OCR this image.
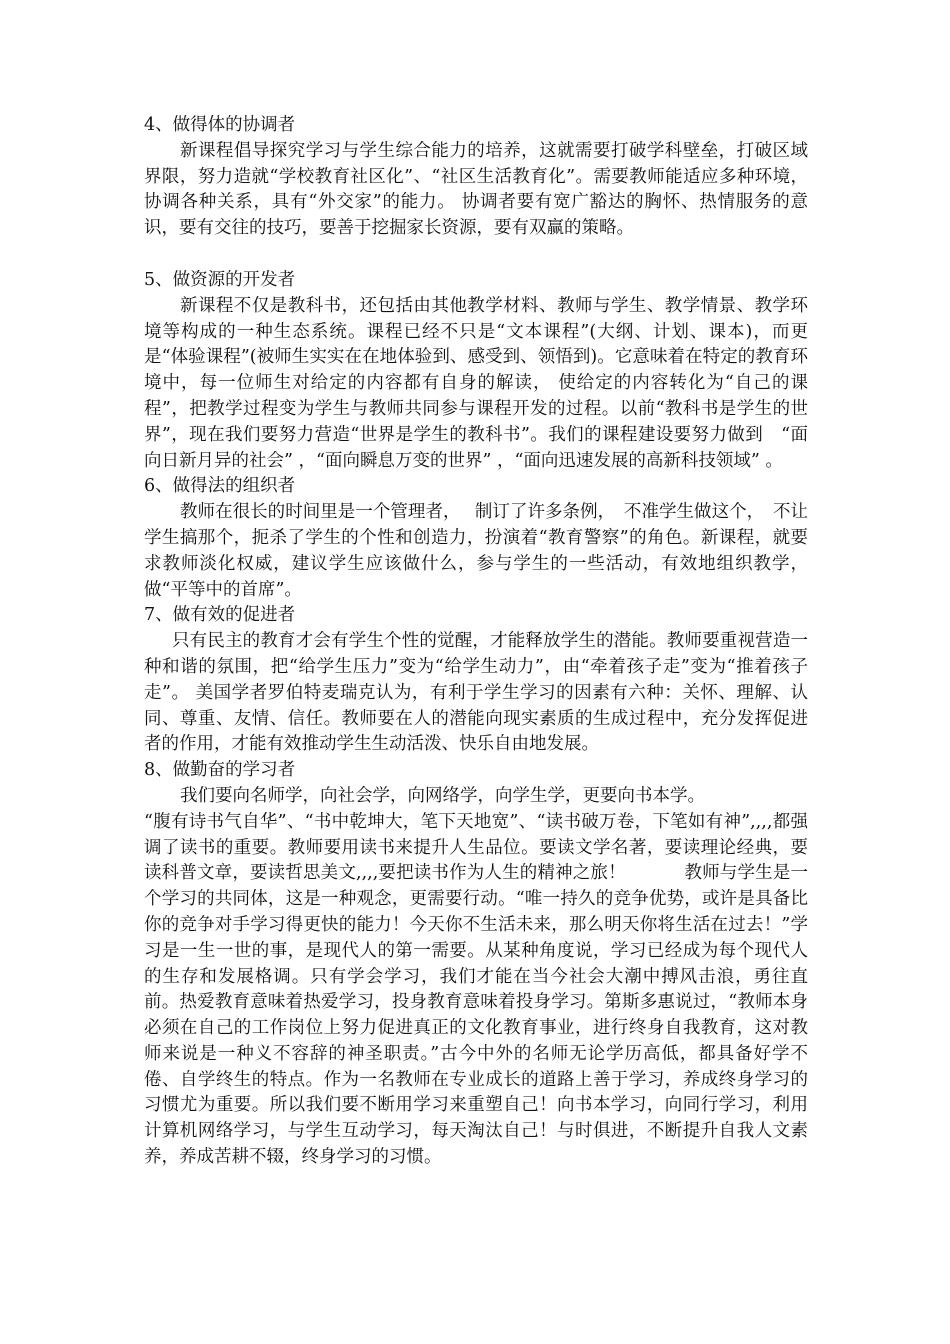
4、做得体的协调者

新课程倡导探究学习与学生综合能力的培养，这就需要打破学科壁垒，打破区域界限，努力造就“学校教育社区化”、“社区生活教育化”。需要教师能适应多种环境，协调各种关系，具有“外交家”的能力。 协调者要有宽广豁达的胸怀、热情服务的意识，要有交往的技巧，要善于挖掘家长资源，要有双赢的策略。

5、做资源的开发者

新课程不仅是教科书，还包括由其他教学材料、教师与学生、教学情景、教学环境等构成的一种生态系统。课程已经不只是“文本课程”(大纲、计划、课本)，而更是“体验课程”(被师生实实在在地体验到、感受到、领悟到)。它意味着在特定的教育环境中，每一位师生对给定的内容都有自身的解读， 使给定的内容转化为“自己的课程”，把教学过程变为学生与教师共同参与课程开发的过程。以前“教科书是学生的世界”，现在我们要努力营造“世界是学生的教科书”。我们的课程建设要努力做到　“面向日新月异的社会” ，“面向瞬息万变的世界” ，“面向迅速发展的高新科技领域” 。

6、做得法的组织者

教师在很长的时间里是一个管理者，　 制订了许多条例，　不准学生做这个，　不让学生搞那个，扼杀了学生的个性和创造力，扮演着“教育警察”的角色。新课程，就要求教师淡化权威，建议学生应该做什么，参与学生的一些活动，有效地组织教学，做“平等中的首席”。

7、做有效的促进者

只有民主的教育才会有学生个性的觉醒，才能释放学生的潜能。教师要重视营造一种和谐的氛围，把“给学生压力”变为“给学生动力”，由“牵着孩子走”变为“推着孩子走”。 美国学者罗伯特麦瑞克认为，有利于学生学习的因素有六种：关怀、理解、认同、尊重、友情、信任。教师要在人的潜能向现实素质的生成过程中，充分发挥促进者的作用，才能有效推动学生生动活泼、快乐自由地发展。

8、做勤奋的学习者

我们要向名师学，向社会学，向网络学，向学生学，更要向书本学。

“腹有诗书气自华”、“书中乾坤大，笔下天地宽”、“读书破万卷，下笔如有神”,,,,都强调了读书的重要。教师要用读书来提升人生品位。要读文学名著，要读理论经典，要读科普文章，要读哲思美文,,,,要把读书作为人生的精神之旅！　　　 教师与学生是一个学习的共同体，这是一种观念，更需要行动。“唯一持久的竞争优势，或许是具备比你的竞争对手学习得更快的能力！今天你不生活未来，那么明天你将生活在过去！”学习是一生一世的事，是现代人的第一需要。从某种角度说，学习已经成为每个现代人的生存和发展格调。只有学会学习，我们才能在当今社会大潮中搏风击浪，勇往直前。热爱教育意味着热爱学习，投身教育意味着投身学习。第斯多惠说过，“教师本身必须在自己的工作岗位上努力促进真正的文化教育事业，进行终身自我教育，这对教师来说是一种义不容辞的神圣职责。”古今中外的名师无论学历高低，都具备好学不倦、自学终生的特点。作为一名教师在专业成长的道路上善于学习，养成终身学习的习惯尤为重要。所以我们要不断用学习来重塑自己！向书本学习，向同行学习，利用计算机网络学习，与学生互动学习，每天淘汰自己！与时俱进，不断提升自我人文素养，养成苦耕不辍，终身学习的习惯。
